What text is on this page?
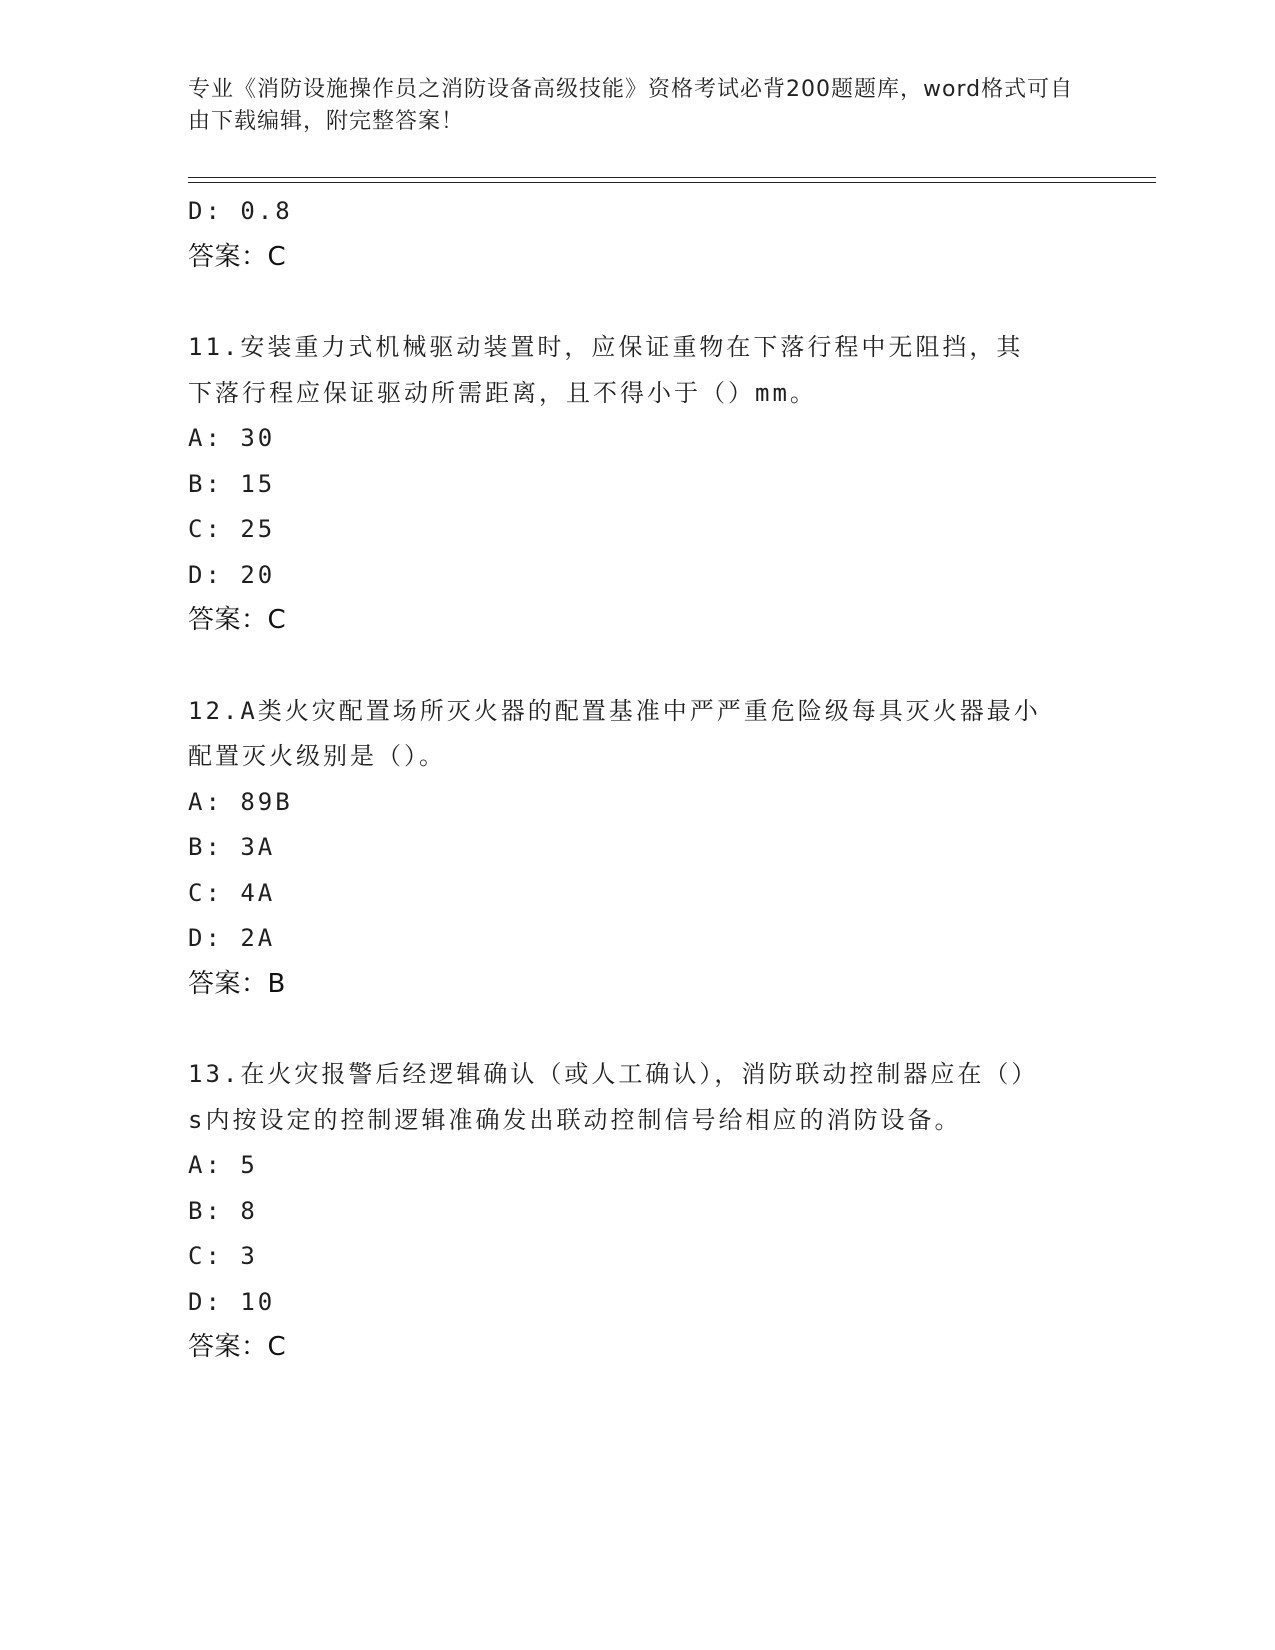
专业《消防设施操作员之消防设备高级技能》资格考试必背200题题库，word格式可自由下载编辑，附完整答案！
D: 0.8
答案：C
11.安装重力式机械驱动装置时，应保证重物在下落行程中无阻挡，其下落行程应保证驱动所需距离，且不得小于（）mm。
A: 30
B: 15
C: 25
D: 20
答案：C
12.A类火灾配置场所灭火器的配置基准中严严重危险级每具灭火器最小配置灭火级别是（）。
A: 89B
B: 3A
C: 4A
D: 2A
答案：B
13.在火灾报警后经逻辑确认（或人工确认），消防联动控制器应在（）s内按设定的控制逻辑准确发出联动控制信号给相应的消防设备。
A: 5
B: 8
C: 3
D: 10
答案：C
